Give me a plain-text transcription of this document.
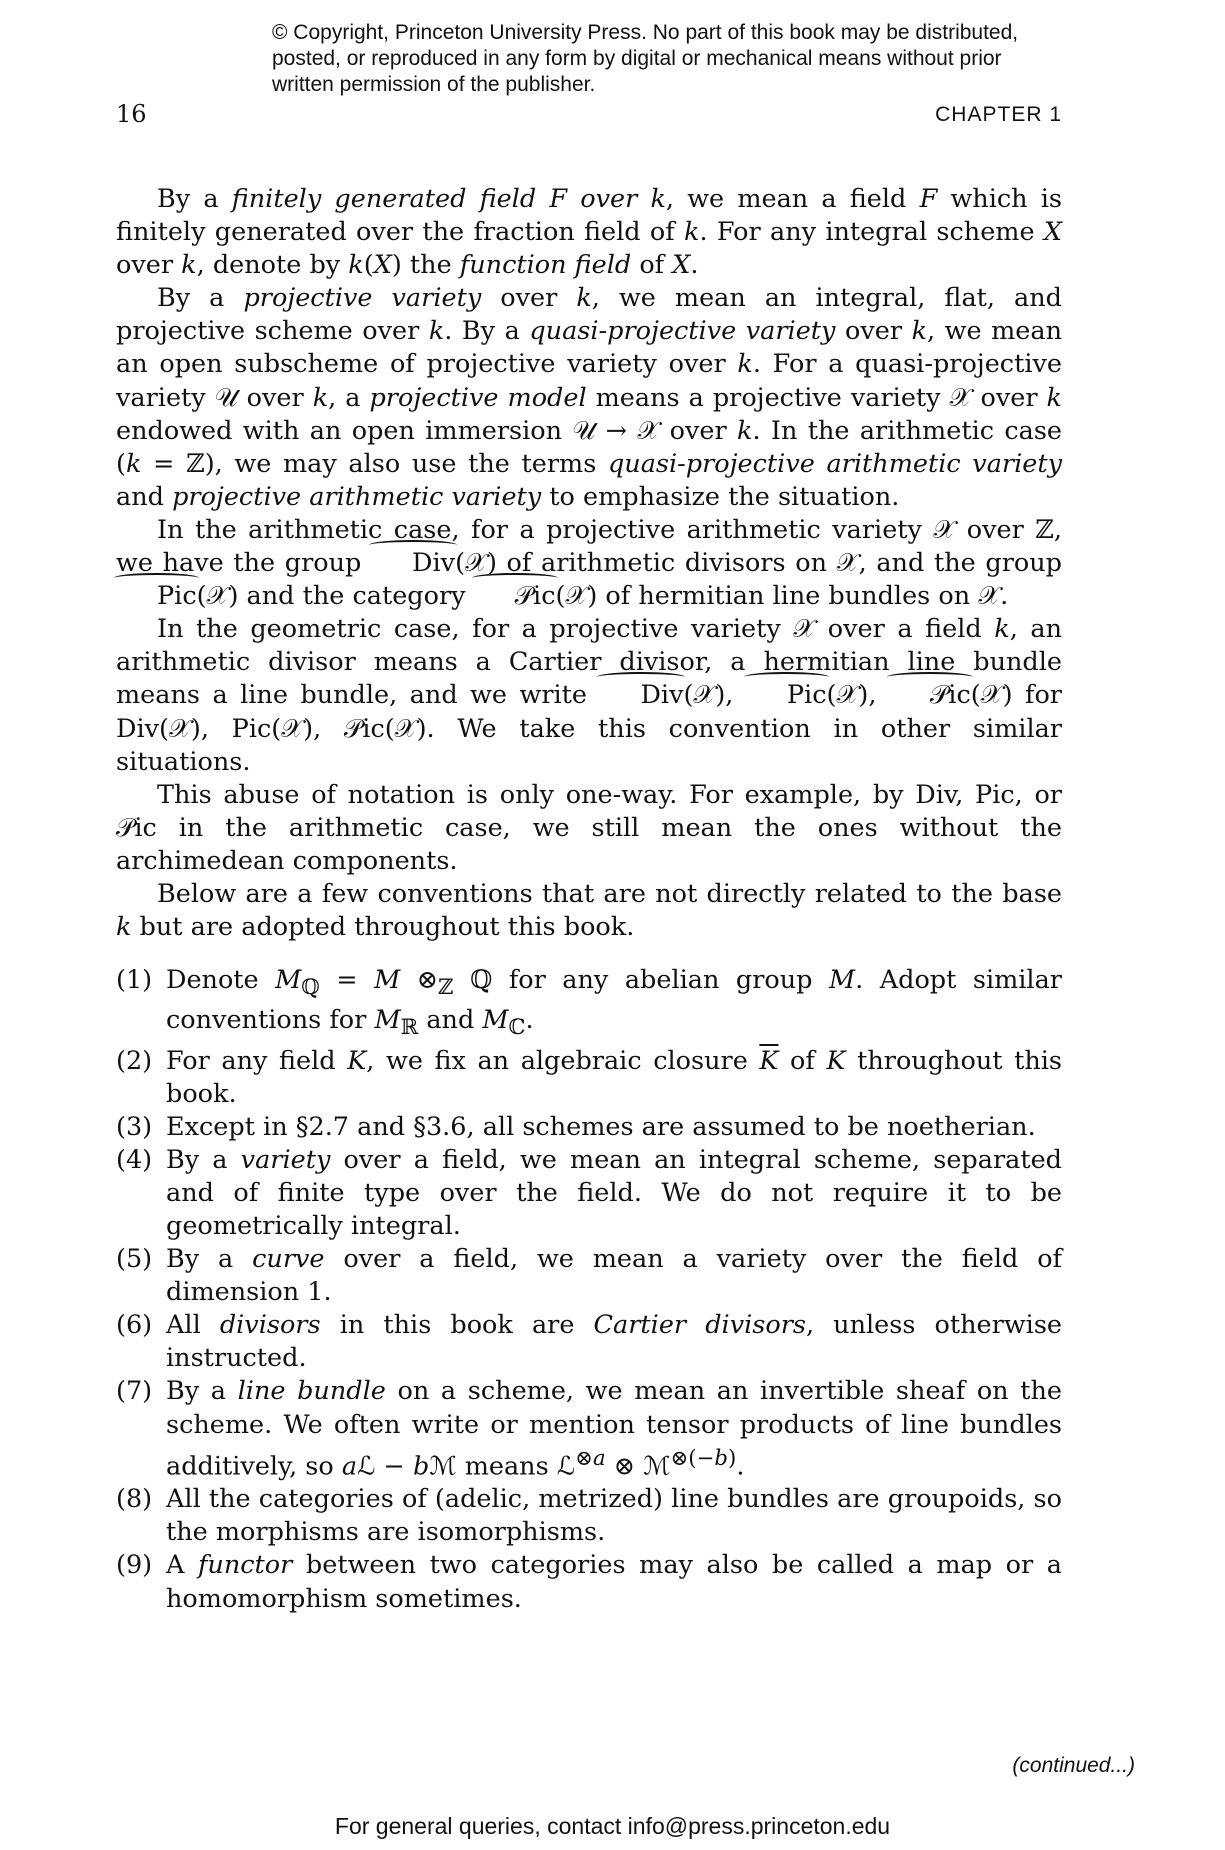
© Copyright, Princeton University Press. No part of this book may be distributed, posted, or reproduced in any form by digital or mechanical means without prior written permission of the publisher.
16	CHAPTER 1

By a finitely generated field F over k, we mean a field F which is finitely generated over the fraction field of k. For any integral scheme X over k, denote by k(X) the function field of X.

By a projective variety over k, we mean an integral, flat, and projective scheme over k. By a quasi-projective variety over k, we mean an open subscheme of projective variety over k. For a quasi-projective variety 𝒰 over k, a projective model means a projective variety 𝒳 over k endowed with an open immersion 𝒰 → 𝒳 over k. In the arithmetic case (k = ℤ), we may also use the terms quasi-projective arithmetic variety and projective arithmetic variety to emphasize the situation.

In the arithmetic case, for a projective arithmetic variety 𝒳 over ℤ, we have the group Div(𝒳) of arithmetic divisors on 𝒳, and the group Pic(𝒳) and the category 𝒫ic(𝒳) of hermitian line bundles on 𝒳.

In the geometric case, for a projective variety 𝒳 over a field k, an arithmetic divisor means a Cartier divisor, a hermitian line bundle means a line bundle, and we write Div(𝒳), Pic(𝒳), 𝒫ic(𝒳) for Div(𝒳), Pic(𝒳), 𝒫ic(𝒳). We take this convention in other similar situations.

This abuse of notation is only one-way. For example, by Div, Pic, or 𝒫ic in the arithmetic case, we still mean the ones without the archimedean components.

Below are a few conventions that are not directly related to the base k but are adopted throughout this book.

(1) Denote $M_ℚ = M$ $\otimes_ℤ$ ℚ for any abelian group M. Adopt similar conventions for $M_ℝ$ and $M_ℂ$.
(2) For any field K, we fix an algebraic closure $\overline{K}$ of K throughout this book.
(3) Except in §2.7 and §3.6, all schemes are assumed to be noetherian.
(4) By a variety over a field, we mean an integral scheme, separated and of finite type over the field. We do not require it to be geometrically integral.
(5) By a curve over a field, we mean a variety over the field of dimension 1.
(6) All divisors in this book are Cartier divisors, unless otherwise instructed.
(7) By a line bundle on a scheme, we mean an invertible sheaf on the scheme. We often write or mention tensor products of line bundles additively, so aℒ − bℳ means ℒ$^{\otimes a}$ ⊗ ℳ$^{\otimes(-b)}$.
(8) All the categories of (adelic, metrized) line bundles are groupoids, so the morphisms are isomorphisms.
(9) A functor between two categories may also be called a map or a homomorphism sometimes.
(continued...)
For general queries, contact info@press.princeton.edu
